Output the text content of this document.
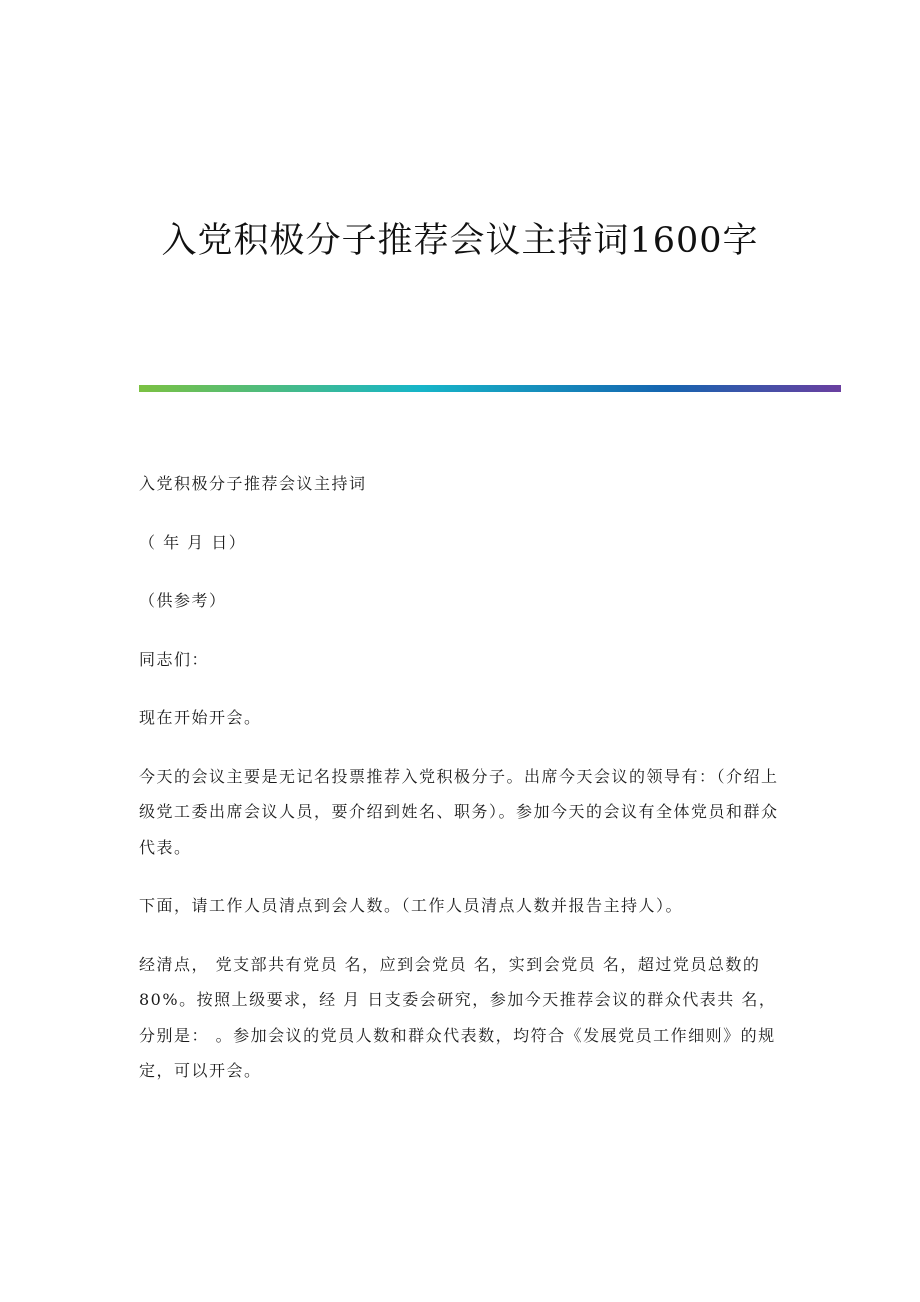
入党积极分子推荐会议主持词1600字

入党积极分子推荐会议主持词

（ 年 月 日）

（供参考）

同志们：

现在开始开会。

今天的会议主要是无记名投票推荐入党积极分子。出席今天会议的领导有：（介绍上级党工委出席会议人员，要介绍到姓名、职务）。参加今天的会议有全体党员和群众代表。

下面，请工作人员清点到会人数。（工作人员清点人数并报告主持人）。

经清点， 党支部共有党员 名，应到会党员 名，实到会党员 名，超过党员总数的80%。按照上级要求，经 月 日支委会研究，参加今天推荐会议的群众代表共 名，分别是： 。参加会议的党员人数和群众代表数，均符合《发展党员工作细则》的规定，可以开会。
